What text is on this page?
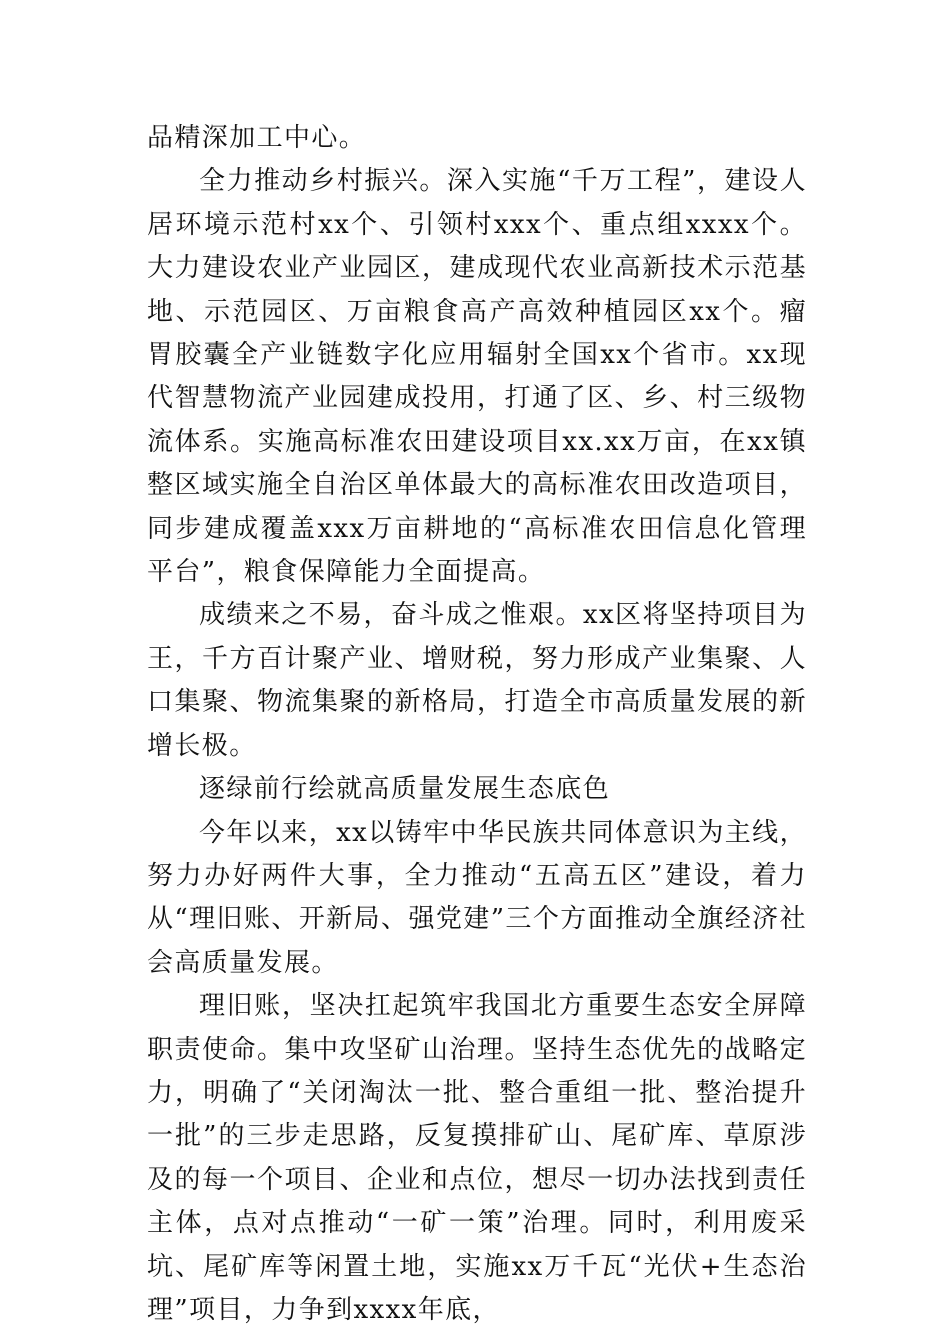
品精深加工中心。

全力推动乡村振兴。深入实施“千万工程”，建设人居环境示范村xx个、引领村xxx个、重点组xxxx个。大力建设农业产业园区，建成现代农业高新技术示范基地、示范园区、万亩粮食高产高效种植园区xx个。瘤胃胶囊全产业链数字化应用辐射全国xx个省市。xx现代智慧物流产业园建成投用，打通了区、乡、村三级物流体系。实施高标准农田建设项目xx.xx万亩，在xx镇整区域实施全自治区单体最大的高标准农田改造项目，同步建成覆盖xxx万亩耕地的“高标准农田信息化管理平台”，粮食保障能力全面提高。

成绩来之不易，奋斗成之惟艰。xx区将坚持项目为王，千方百计聚产业、增财税，努力形成产业集聚、人口集聚、物流集聚的新格局，打造全市高质量发展的新增长极。

逐绿前行绘就高质量发展生态底色

今年以来，xx以铸牢中华民族共同体意识为主线，努力办好两件大事，全力推动“五高五区”建设，着力从“理旧账、开新局、强党建”三个方面推动全旗经济社会高质量发展。

理旧账，坚决扛起筑牢我国北方重要生态安全屏障职责使命。集中攻坚矿山治理。坚持生态优先的战略定力，明确了“关闭淘汰一批、整合重组一批、整治提升一批”的三步走思路，反复摸排矿山、尾矿库、草原涉及的每一个项目、企业和点位，想尽一切办法找到责任主体，点对点推动“一矿一策”治理。同时，利用废采坑、尾矿库等闲置土地，实施xx万千瓦“光伏+生态治理”项目，力争到xxxx年底，
